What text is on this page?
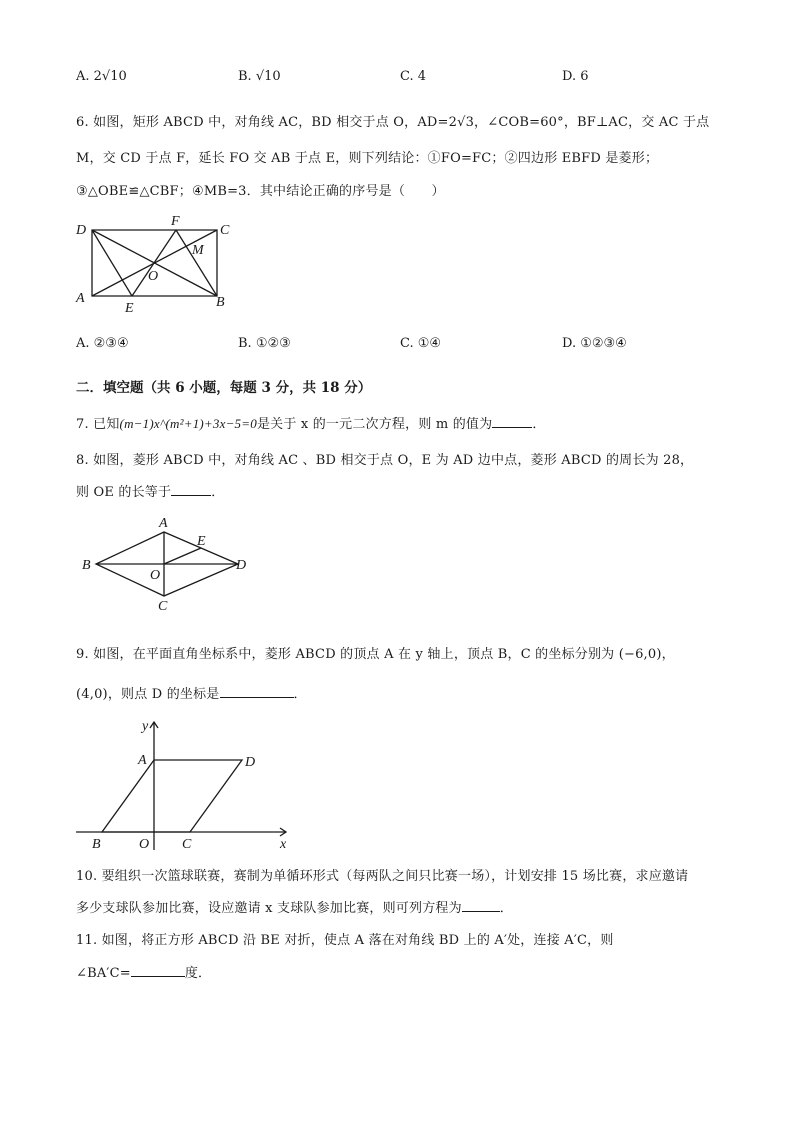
A. 2√10	B. √10	C. 4	D. 6
6. 如图，矩形 ABCD 中，对角线 AC，BD 相交于点 O，AD=2√3，∠COB=60°，BF⊥AC，交 AC 于点
M，交 CD 于点 F，延长 FO 交 AB 于点 E，则下列结论：①FO=FC；②四边形 EBFD 是菱形；
③△OBE≌△CBF；④MB=3．其中结论正确的序号是（　　）
D
F
C
M
O
A
E	B
A. ②③④	B. ①②③	C. ①④	D. ①②③④
二．填空题（共 6 小题，每题 3 分，共 18 分）
7. 已知(m−1)x^(m²+1)+3x−5=0是关于 x 的一元二次方程，则 m 的值为	．
8. 如图，菱形 ABCD 中，对角线 AC 、BD 相交于点 O，E 为 AD 边中点，菱形 ABCD 的周长为 28，
则 OE 的长等于	．
A
E
B
O
D
C
9. 如图，在平面直角坐标系中，菱形 ABCD 的顶点 A 在 y 轴上，顶点 B，C 的坐标分别为 (−6,0)，
(4,0)，则点 D 的坐标是	．
y
A	D
B	O C	x
10. 要组织一次篮球联赛，赛制为单循环形式（每两队之间只比赛一场），计划安排 15 场比赛，求应邀请
多少支球队参加比赛，设应邀请 x 支球队参加比赛，则可列方程为	．
11. 如图，将正方形 ABCD 沿 BE 对折，使点 A 落在对角线 BD 上的 A′处，连接 A′C，则
∠BA′C=	度．
